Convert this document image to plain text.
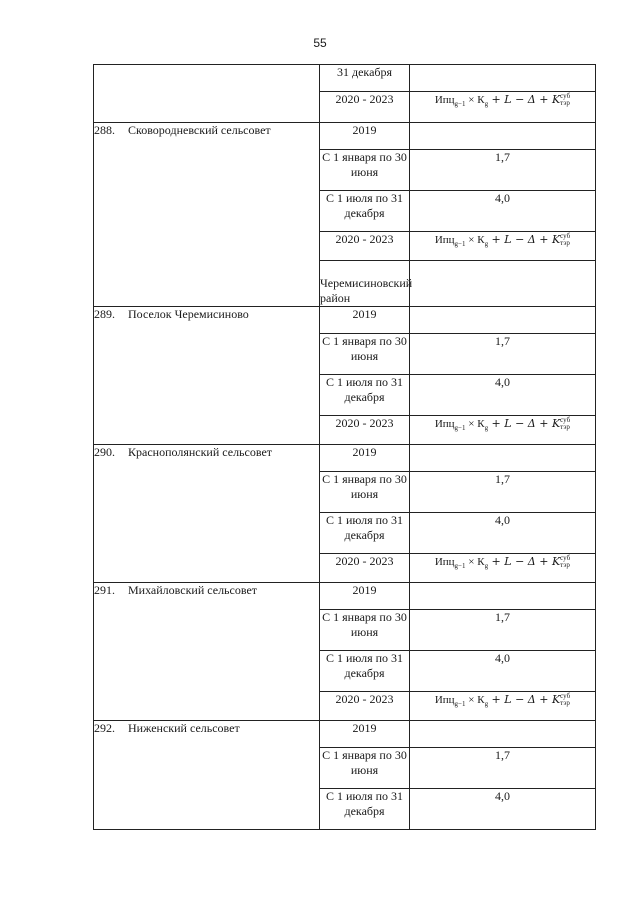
55
	31 декабря		
	2020 - 2023	$Ипц_{g-1} \times К_g + L - \Delta + K$ суб
тэр	

288. Сковородневский сельсовет	2019		
	С 1 января по 30 июня	1,7	
	С 1 июля по 31 декабря	4,0	
	2020 - 2023	$Ипц_{g-1} \times К_g + L - \Delta + K$ суб
тэр	

	Черемисиновский район		
289. Поселок Черемисиново	2019		
	С 1 января по 30 июня	1,7	
	С 1 июля по 31 декабря	4,0	
	2020 - 2023	$Ипц_{g-1} \times К_g + L - \Delta + K$ суб
тэр	

290. Краснополянский сельсовет	2019		
	С 1 января по 30 июня	1,7	
	С 1 июля по 31 декабря	4,0	
	2020 - 2023	$Ипц_{g-1} \times К_g + L - \Delta + K$ суб
тэр	

291. Михайловский сельсовет	2019		
	С 1 января по 30 июня	1,7	
	С 1 июля по 31 декабря	4,0	
	2020 - 2023	$Ипц_{g-1} \times К_g + L - \Delta + K$ суб
тэр	

292. Ниженский сельсовет	2019		
	С 1 января по 30 июня	1,7	
	С 1 июля по 31 декабря	4,0	
